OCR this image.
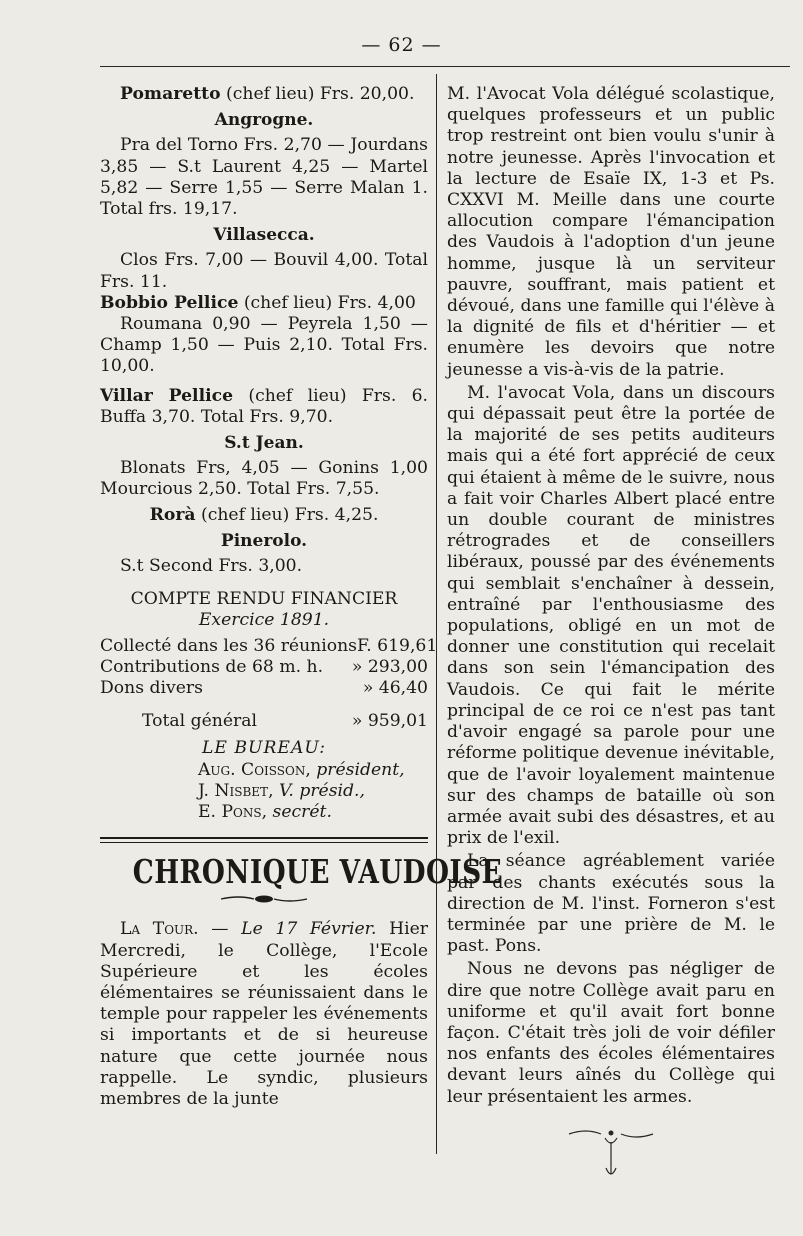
— 62 —

Pomaretto (chef lieu) Frs. 20,00.

Angrogne.

Pra del Torno Frs. 2,70 — Jourdans 3,85 — S.t Laurent 4,25 — Martel 5,82 — Serre 1,55 — Serre Malan 1. Total frs. 19,17.

Villasecca.

Clos Frs. 7,00 — Bouvil 4,00. Total Frs. 11.

Bobbio Pellice (chef lieu) Frs. 4,00

Roumana 0,90 — Peyrela 1,50 — Champ 1,50 — Puis 2,10. Total Frs. 10,00.

Villar Pellice (chef lieu) Frs. 6. Buffa 3,70. Total Frs. 9,70.

S.t Jean.

Blonats Frs, 4,05 — Gonins 1,00 Mourcious 2,50. Total Frs. 7,55.

Rorà (chef lieu) Frs. 4,25.

Pinerolo.

S.t Second Frs. 3,00.

COMPTE RENDU FINANCIER

Exercice 1891.

Collecté dans les 36 réunions F. 619,61
Contributions de 68 m. h. » 293,00
Dons divers	» 46,40
Total général	» 959,01
LE BUREAU:
Aug. Coisson, président,
J. Nisbet, V. présid.,
E. Pons, secrét.
CHRONIQUE VAUDOISE

La Tour. — Le 17 Février. Hier Mercredi, le Collège, l'Ecole Supérieure et les écoles élémentaires se réunissaient dans le temple pour rappeler les événements si importants et de si heureuse nature que cette journée nous rappelle. Le syndic, plusieurs membres de la junte

M. l'Avocat Vola délégué scolastique, quelques professeurs et un public trop restreint ont bien voulu s'unir à notre jeunesse. Après l'invocation et la lecture de Esaïe IX, 1-3 et Ps. CXXVI M. Meille dans une courte allocution compare l'émancipation des Vaudois à l'adoption d'un jeune homme, jusque là un serviteur pauvre, souffrant, mais patient et dévoué, dans une famille qui l'élève à la dignité de fils et d'héritier — et enumère les devoirs que notre jeunesse a vis-à-vis de la patrie.

M. l'avocat Vola, dans un discours qui dépassait peut être la portée de la majorité de ses petits auditeurs mais qui a été fort apprécié de ceux qui étaient à même de le suivre, nous a fait voir Charles Albert placé entre un double courant de ministres rétrogrades et de conseillers libéraux, poussé par des événements qui semblait s'enchaîner à dessein, entraîné par l'enthousiasme des populations, obligé en un mot de donner une constitution qui recelait dans son sein l'émancipation des Vaudois. Ce qui fait le mérite principal de ce roi ce n'est pas tant d'avoir engagé sa parole pour une réforme politique devenue inévitable, que de l'avoir loyalement maintenue sur des champs de bataille où son armée avait subi des désastres, et au prix de l'exil.

La séance agréablement variée par des chants exécutés sous la direction de M. l'inst. Forneron s'est terminée par une prière de M. le past. Pons.

Nous ne devons pas négliger de dire que notre Collège avait paru en uniforme et qu'il avait fort bonne façon. C'était très joli de voir défiler nos enfants des écoles élémentaires devant leurs aînés du Collège qui leur présentaient les armes.
